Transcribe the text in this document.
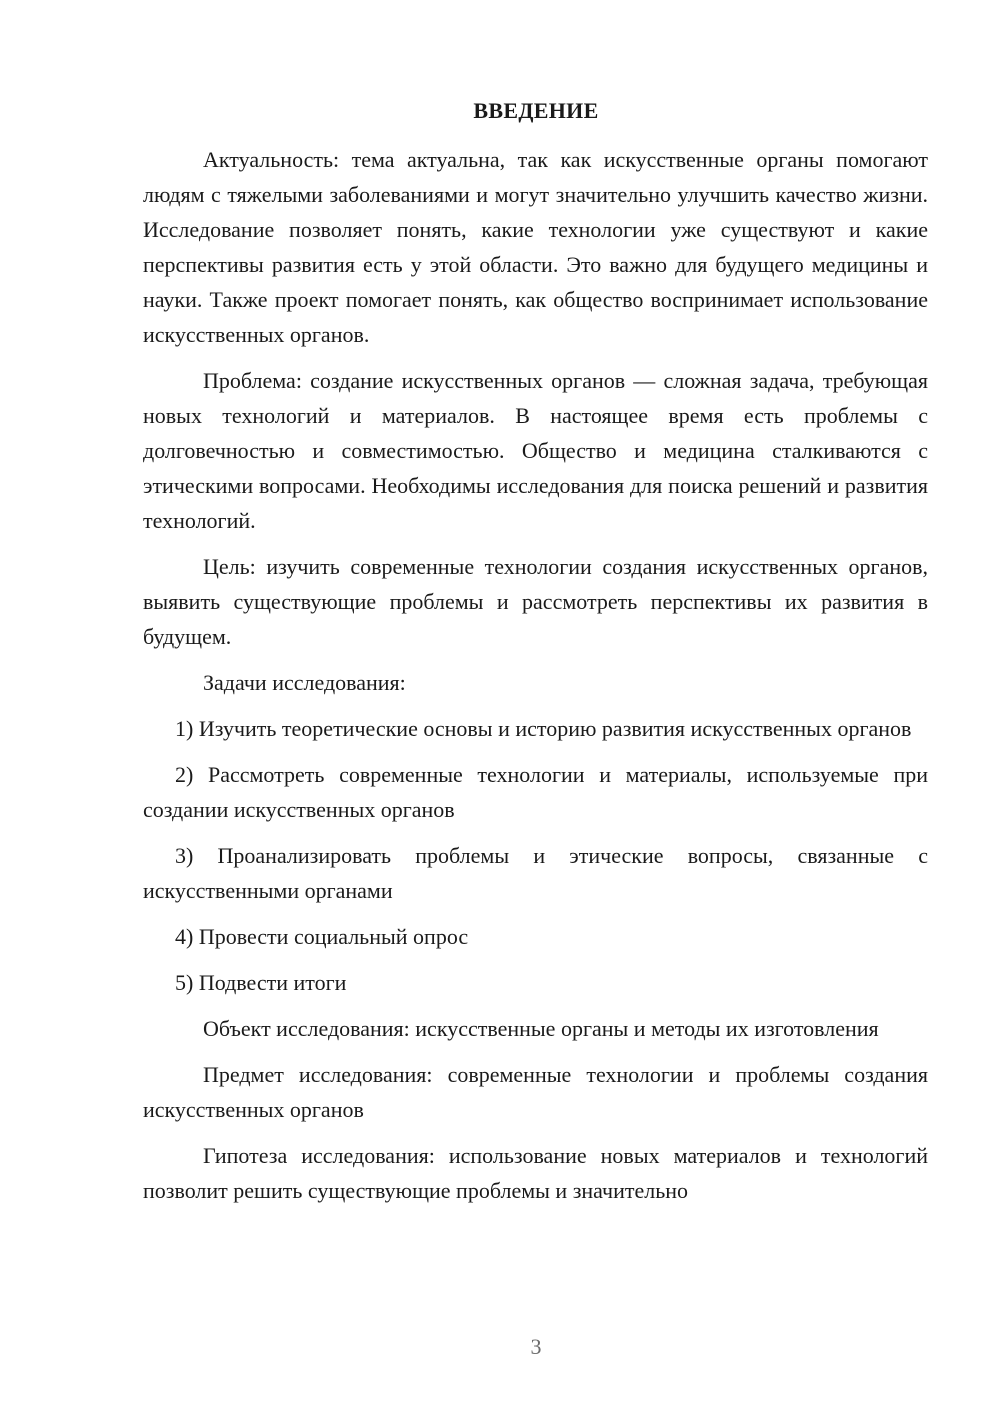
ВВЕДЕНИЕ

Актуальность: тема актуальна, так как искусственные органы помогают людям с тяжелыми заболеваниями и могут значительно улучшить качество жизни. Исследование позволяет понять, какие технологии уже существуют и какие перспективы развития есть у этой области. Это важно для будущего медицины и науки. Также проект помогает понять, как общество воспринимает использование искусственных органов.

Проблема: создание искусственных органов — сложная задача, требующая новых технологий и материалов. В настоящее время есть проблемы с долговечностью и совместимостью. Общество и медицина сталкиваются с этическими вопросами. Необходимы исследования для поиска решений и развития технологий.

Цель: изучить современные технологии создания искусственных органов, выявить существующие проблемы и рассмотреть перспективы их развития в будущем.

Задачи исследования:

1) Изучить теоретические основы и историю развития искусственных органов

2) Рассмотреть современные технологии и материалы, используемые при создании искусственных органов

3) Проанализировать проблемы и этические вопросы, связанные с искусственными органами

4) Провести социальный опрос

5) Подвести итоги

Объект исследования: искусственные органы и методы их изготовления

Предмет исследования: современные технологии и проблемы создания искусственных органов

Гипотеза исследования: использование новых материалов и технологий позволит решить существующие проблемы и значительно

3
